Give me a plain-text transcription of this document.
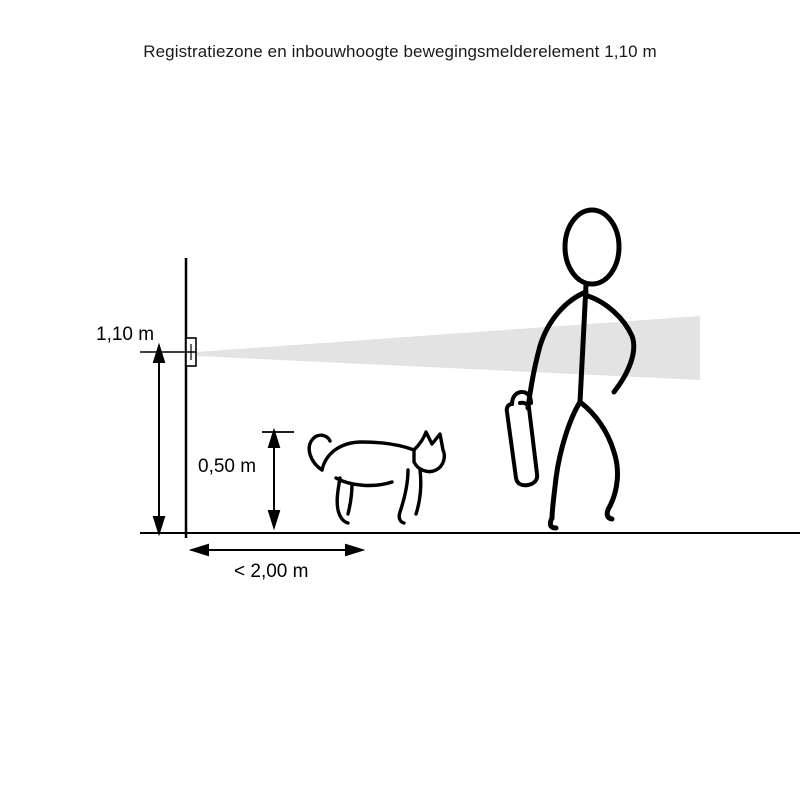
Registratiezone en inbouwhoogte bewegingsmelderelement 1,10 m
1,10 m
0,50 m
< 2,00 m
